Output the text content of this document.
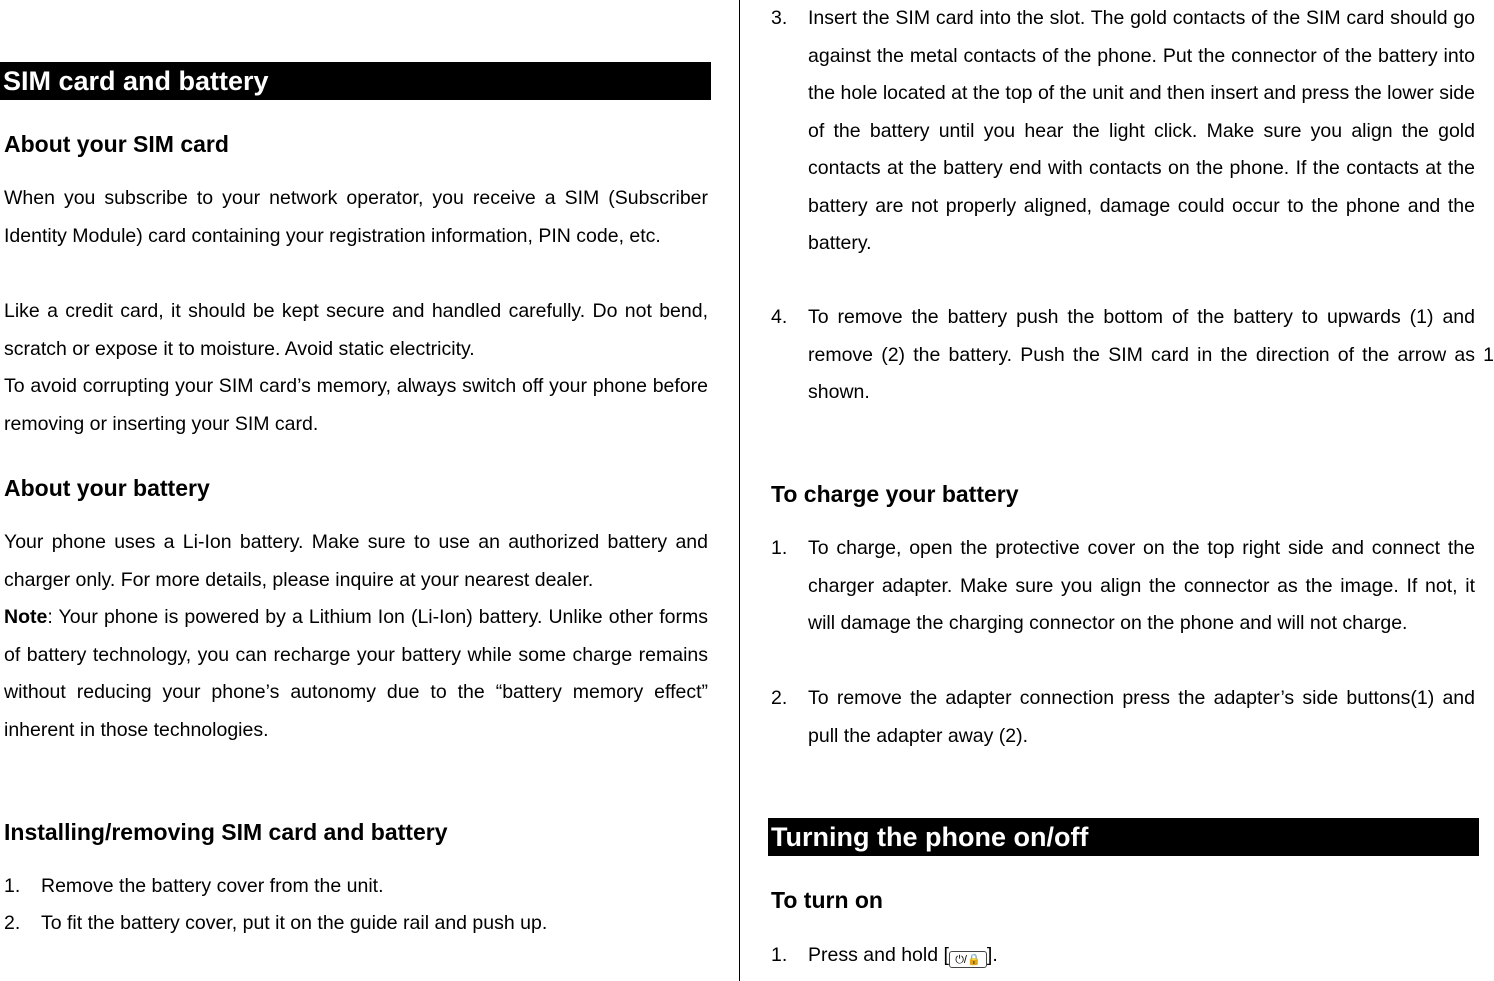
SIM card and battery
About your SIM card
When you subscribe to your network operator, you receive a SIM (Subscriber Identity Module) card containing your registration information, PIN code, etc.
Like a credit card, it should be kept secure and handled carefully. Do not bend, scratch or expose it to moisture. Avoid static electricity.
To avoid corrupting your SIM card’s memory, always switch off your phone before removing or inserting your SIM card.
About your battery
Your phone uses a Li-Ion battery. Make sure to use an authorized battery and charger only. For more details, please inquire at your nearest dealer.
Note: Your phone is powered by a Lithium Ion (Li-Ion) battery. Unlike other forms of battery technology, you can recharge your battery while some charge remains without reducing your phone’s autonomy due to the “battery memory effect” inherent in those technologies.
Installing/removing SIM card and battery
1. Remove the battery cover from the unit.
2. To fit the battery cover, put it on the guide rail and push up.
3. Insert the SIM card into the slot. The gold contacts of the SIM card should go against the metal contacts of the phone. Put the connector of the battery into the hole located at the top of the unit and then insert and press the lower side of the battery until you hear the light click. Make sure you align the gold contacts at the battery end with contacts on the phone. If the contacts at the battery are not properly aligned, damage could occur to the phone and the battery.
4. To remove the battery push the bottom of the battery to upwards (1) and remove (2) the battery. Push the SIM card in the direction of the arrow as shown.
1
To charge your battery
1. To charge, open the protective cover on the top right side and connect the charger adapter. Make sure you align the connector as the image. If not, it will damage the charging connector on the phone and will not charge.
2. To remove the adapter connection press the adapter’s side buttons(1) and pull the adapter away (2).
Turning the phone on/off
To turn on
1. Press and hold [ ⏻/🔒 ].
